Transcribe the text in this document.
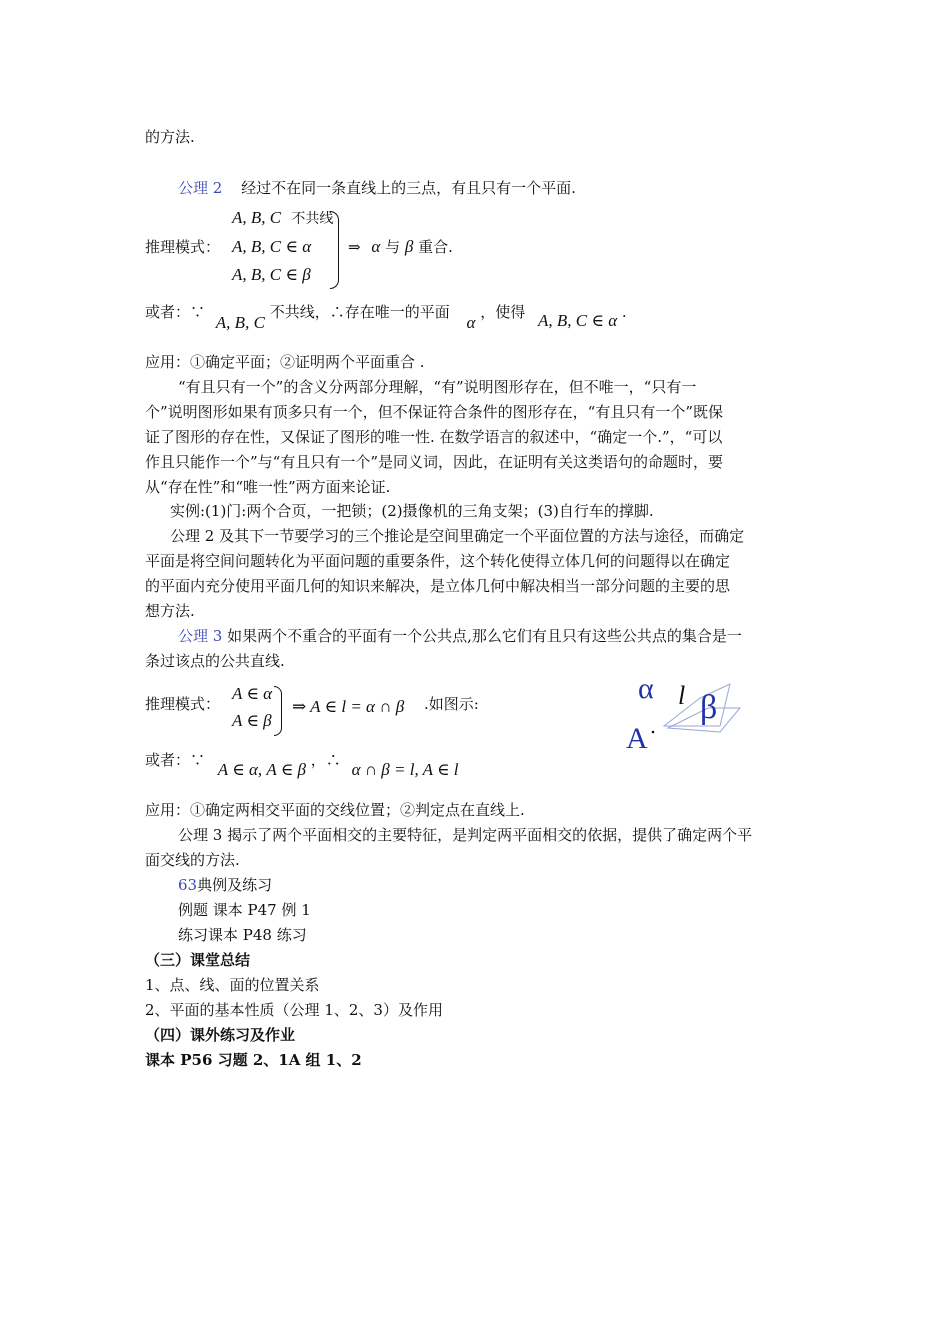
的方法.
公理 2 经过不在同一条直线上的三点，有且只有一个平面.
推理模式：
A, B, C 不共线
A, B, C ∈ α
A, B, C ∈ β
⇒ α 与 β 重合.
或者：∵ A, B, C 不共线，∴存在唯一的平面 α ，使得 A, B, C ∈ α .
应用：①确定平面；②证明两个平面重合 .
“有且只有一个”的含义分两部分理解，“有”说明图形存在，但不唯一，“只有一
个”说明图形如果有顶多只有一个，但不保证符合条件的图形存在，“有且只有一个”既保
证了图形的存在性，又保证了图形的唯一性. 在数学语言的叙述中，“确定一个.”，“可以
作且只能作一个”与“有且只有一个”是同义词，因此，在证明有关这类语句的命题时，要
从“存在性”和“唯一性”两方面来论证.
实例:(1)门:两个合页，一把锁；(2)摄像机的三角支架；(3)自行车的撑脚.
公理 2 及其下一节要学习的三个推论是空间里确定一个平面位置的方法与途径，而确定
平面是将空间问题转化为平面问题的重要条件，这个转化使得立体几何的问题得以在确定
的平面内充分使用平面几何的知识来解决，是立体几何中解决相当一部分问题的主要的思
想方法.
公理 3 如果两个不重合的平面有一个公共点,那么它们有且只有这些公共点的集合是一
条过该点的公共直线.
推理模式：
A ∈ α
A ∈ β
⇒ A ∈ l = α ∩ β .如图示:	α l β
A
或者：∵ A ∈ α, A ∈ β ，∴ α ∩ β = l, A ∈ l
应用：①确定两相交平面的交线位置；②判定点在直线上.
公理 3 揭示了两个平面相交的主要特征，是判定两平面相交的依据，提供了确定两个平
面交线的方法.
63典例及练习
例题 课本 P47 例 1
练习课本 P48 练习
（三）课堂总结
1、点、线、面的位置关系
2、平面的基本性质（公理 1、2、3）及作用
（四）课外练习及作业
课本 P56 习题 2、1A 组 1、2
